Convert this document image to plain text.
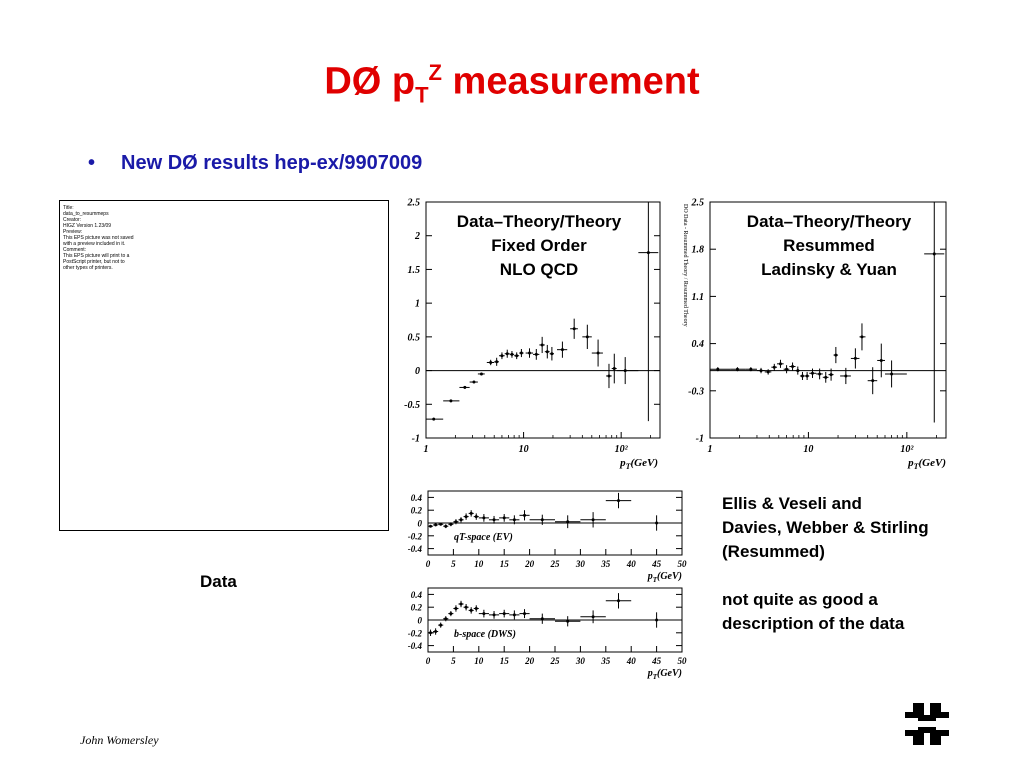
DØ $p_T^Z$ measurement
• New DØ results hep-ex/9907009
Title:
data_to_resummeps
Creator:
HIGZ Version 1.23/09
Preview:
This EPS picture was not saved
with a preview included in it.
Comment:
This EPS picture will print to a
PostScript printer, but not to
other types of printers.
Data
-1
-0.5
0
0.5
1
1.5
2
2.5
1	10	10²
$p_T(GeV)$
-1
-0.3
0.4
1.1
1.8
2.5
1	10	10²
$p_T(GeV)$
DO Data - Resummed Theory / Resummed Theory
-0.4
-0.2
0
0.2
0.4
0 5 10 15 20 25 30 35 40 45 50
$p_T(GeV)$
qT-space (EV)
-0.4
-0.2
0
0.2
0.4
0 5 10 15 20 25 30 35 40 45 50
$p_T(GeV)$
b-space (DWS)
Data–Theory/Theory
Fixed Order
NLO QCD
Data–Theory/Theory
Resummed
Ladinsky & Yuan
Ellis & Veseli and
Davies, Webber & Stirling
(Resummed)
not quite as good a
description of the data
John Womersley
